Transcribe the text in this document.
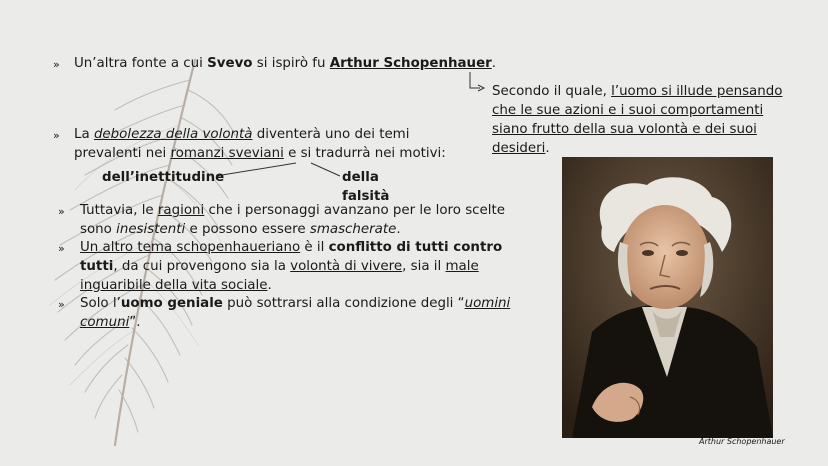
» Un’altra fonte a cui Svevo si ispirò fu Arthur Schopenhauer.
Secondo il quale, l’uomo si illude pensando
che le sue azioni e i suoi comportamenti
siano frutto della sua volontà e dei suoi
desideri.
» La debolezza della volontà diventerà uno dei temi
prevalenti nei romanzi sveviani e si tradurrà nei motivi:
dell’inettitudine	della
falsità
» Tuttavia, le ragioni che i personaggi avanzano per le loro scelte
sono inesistenti e possono essere smascherate.
» Un altro tema schopenhaueriano è il conflitto di tutti contro
tutti, da cui provengono sia la volontà di vivere, sia il male
inguaribile della vita sociale.
» Solo l’uomo geniale può sottrarsi alla condizione degli “uomini
comuni”.
Arthur Schopenhauer
